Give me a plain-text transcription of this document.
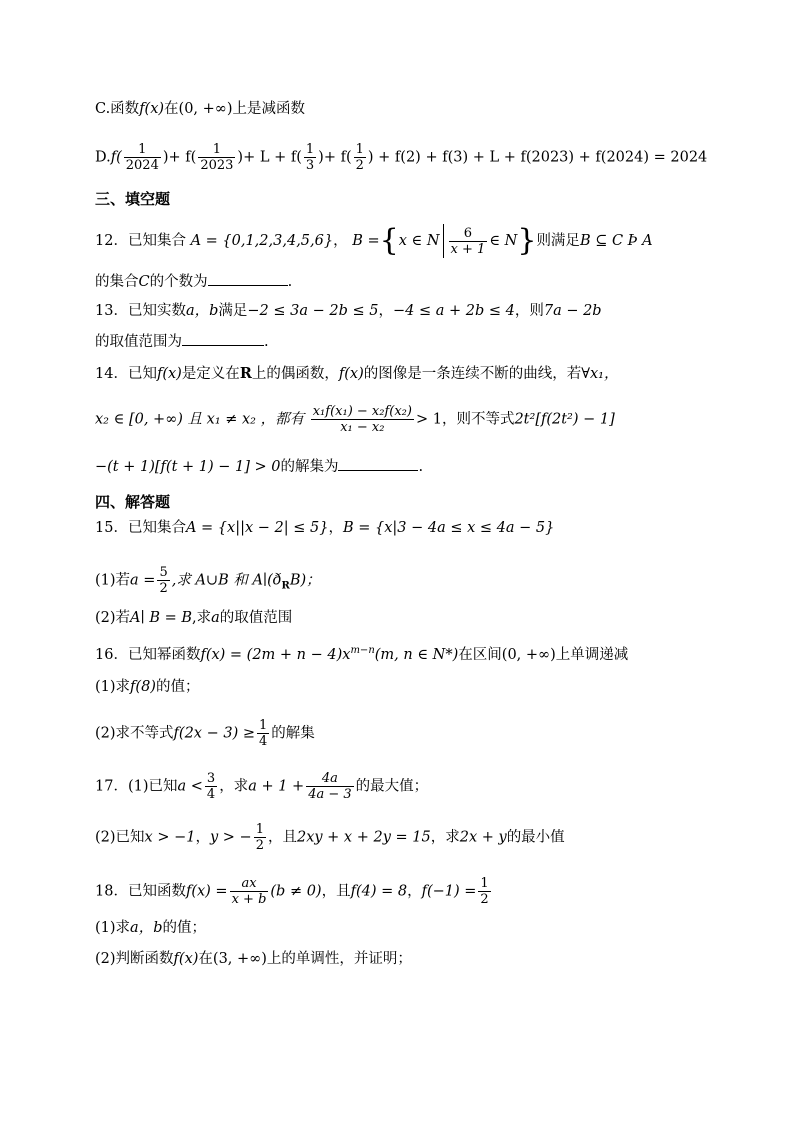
C.函数f(x)在(0, +∞)上是减函数
$D.f( \frac{1}{2024}$ )+ $f( \frac{1}{2023}$ )+ $L + f( \frac{1}{3}$ )+ $f( \frac{1}{2}$ ) + f(2) + f(3) + L + f(2023) + f(2024) = 2024
三、填空题
12．已知集合 A = {0,1,2,3,4,5,6}， B ={x ∈ N $\frac{6}{x + 1}$ ∈ N}则满足B ⊆ C Þ A
的集合C的个数为	.
13．已知实数a，b满足−2 ≤ 3a − 2b ≤ 5，−4 ≤ a + 2b ≤ 4，则7a − 2b
的取值范围为	.
14．已知f(x)是定义在R上的偶函数，f(x)的图像是一条连续不断的曲线，若∀x₁，
x₂ ∈ [0, +∞) 且 x₁ ≠ x₂ ，都有 $\frac{\text{x₁f(x₁) − x₂f(x₂)}}{\text{x₁ − x₂}} > 1$，则不等式2t²[f(2t²) − 1]
−(t + 1)[f(t + 1) − 1] > 0的解集为	.
四、解答题
15．已知集合A = {x||x − 2| ≤ 5}，B = {x|3 − 4a ≤ x ≤ 4a − 5}
(1)若$a = \frac{5}{2}$ ,求 A∪B 和 $A∣(ð_RB)$；
(2)若A∣ B = B,求a的取值范围
16．已知幂函数$f(x) = (2m + n - 4)x^{m-n}(m$, n ∈ N*)在区间(0, +∞)上单调递减
(1)求f(8)的值；
(2)求不等式$f(2x - 3) \ge \frac{1}{4}$ 的解集
17．(1)已知$a < \frac{3}{4}$ ，求$a + 1 + \frac{4a}{4a - 3}$ 的最大值；
(2)已知x > −1，y > − $\frac{1}{2}$ ，且2xy + x + 2y = 15，求2x + y的最小值
18．已知函数$f(x) = \frac{ax}{x + b} (b \ne 0)$，且f(4) = 8，$f(-1) = \frac{1}{2}$
(1)求a，b的值；
(2)判断函数f(x)在(3, +∞)上的单调性，并证明；
